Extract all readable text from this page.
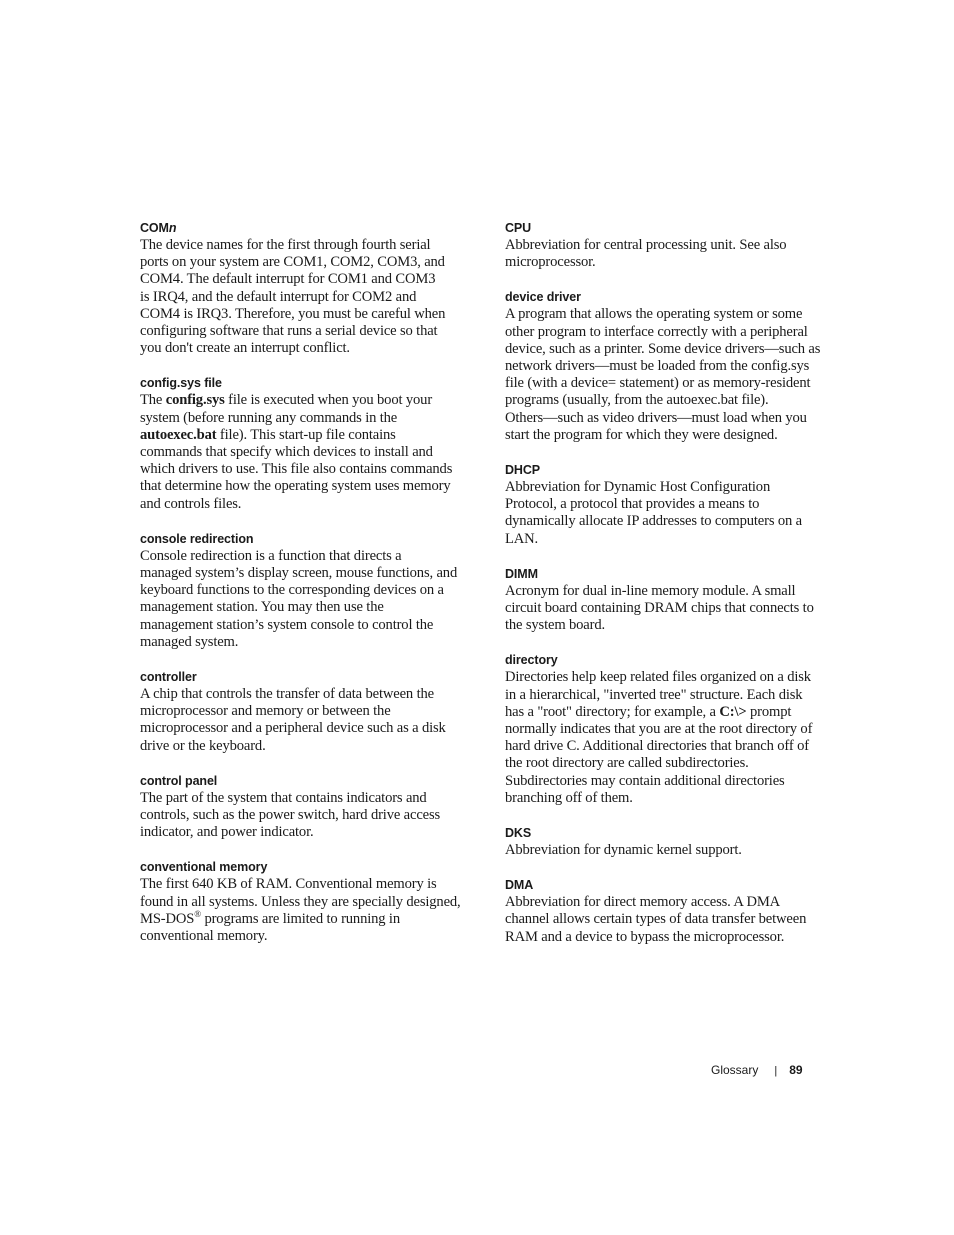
COMn
The device names for the first through fourth serial
ports on your system are COM1, COM2, COM3, and
COM4. The default interrupt for COM1 and COM3
is IRQ4, and the default interrupt for COM2 and
COM4 is IRQ3. Therefore, you must be careful when
configuring software that runs a serial device so that
you don't create an interrupt conflict.
config.sys file
The config.sys file is executed when you boot your
system (before running any commands in the
autoexec.bat file). This start-up file contains
commands that specify which devices to install and
which drivers to use. This file also contains commands
that determine how the operating system uses memory
and controls files.
console redirection
Console redirection is a function that directs a
managed system’s display screen, mouse functions, and
keyboard functions to the corresponding devices on a
management station. You may then use the
management station’s system console to control the
managed system.
controller
A chip that controls the transfer of data between the
microprocessor and memory or between the
microprocessor and a peripheral device such as a disk
drive or the keyboard.
control panel
The part of the system that contains indicators and
controls, such as the power switch, hard drive access
indicator, and power indicator.
conventional memory
The first 640 KB of RAM. Conventional memory is
found in all systems. Unless they are specially designed,
MS-DOS® programs are limited to running in
conventional memory.
CPU
Abbreviation for central processing unit. See also
microprocessor.
device driver
A program that allows the operating system or some
other program to interface correctly with a peripheral
device, such as a printer. Some device drivers—such as
network drivers—must be loaded from the config.sys
file (with a device= statement) or as memory-resident
programs (usually, from the autoexec.bat file).
Others—such as video drivers—must load when you
start the program for which they were designed.
DHCP
Abbreviation for Dynamic Host Configuration
Protocol, a protocol that provides a means to
dynamically allocate IP addresses to computers on a
LAN.
DIMM
Acronym for dual in-line memory module. A small
circuit board containing DRAM chips that connects to
the system board.
directory
Directories help keep related files organized on a disk
in a hierarchical, "inverted tree" structure. Each disk
has a "root" directory; for example, a C:\> prompt
normally indicates that you are at the root directory of
hard drive C. Additional directories that branch off of
the root directory are called subdirectories.
Subdirectories may contain additional directories
branching off of them.
DKS
Abbreviation for dynamic kernel support.
DMA
Abbreviation for direct memory access. A DMA
channel allows certain types of data transfer between
RAM and a device to bypass the microprocessor.
Glossary | 89
